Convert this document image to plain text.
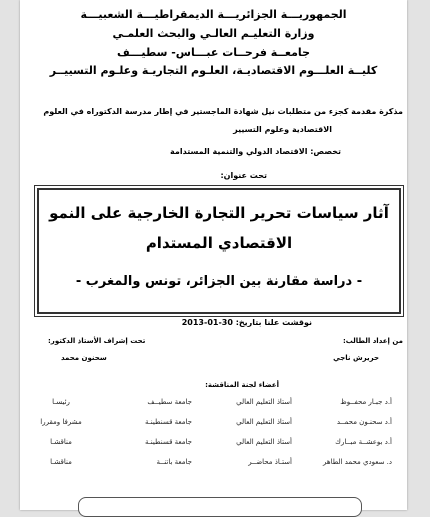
الجمهوريـــة الجزائريـــة الديمقراطيـــة الشعبيـــة
وزارة التعليـم العالـي والبحث العلمـي
جامعــة فرحــات عبـــاس- سطيـــف
كليــة العلـــوم الاقتصاديـة، العلـوم التجاريـة وعلـوم التسييــر
مذكرة مقدمة كجزء من متطلبات نيل شهادة الماجستير في إطار مدرسة الدكتوراه في العلوم
الاقتصادية وعلوم التسيير
تخصص: الاقتصاد الدولي والتنمية المستدامة
تحت عنوان:
آثار سياسات تحرير التجارة الخارجية على النمو
الاقتصادي المستدام
- دراسة مقارنة بين الجزائر، تونس والمغرب -
نوقشت علنا بتاريخ: 30-01-2013
من إعداد الطالب:
تحت إشراف الأستاذ الدكتور:
حريرش ناجي
سحنون محمد
أعضاء لجنة المناقشة:
أ.د جبـار محفــوظ
أستاذ التعليم العالي
جامعة سطيــف
رئيسـا
أ.د سحنـون محمــد
أستاذ التعليم العالي
جامعة قسنطينـة
مشرفا ومقررا
أ.د بوعشــة مبــارك
أستاذ التعليم العالي
جامعة قسنطينـة
مناقشـا
د. سعودي محمد الطاهر
أستـاذ محاضــر
جامعة باتنــة
مناقشـا
